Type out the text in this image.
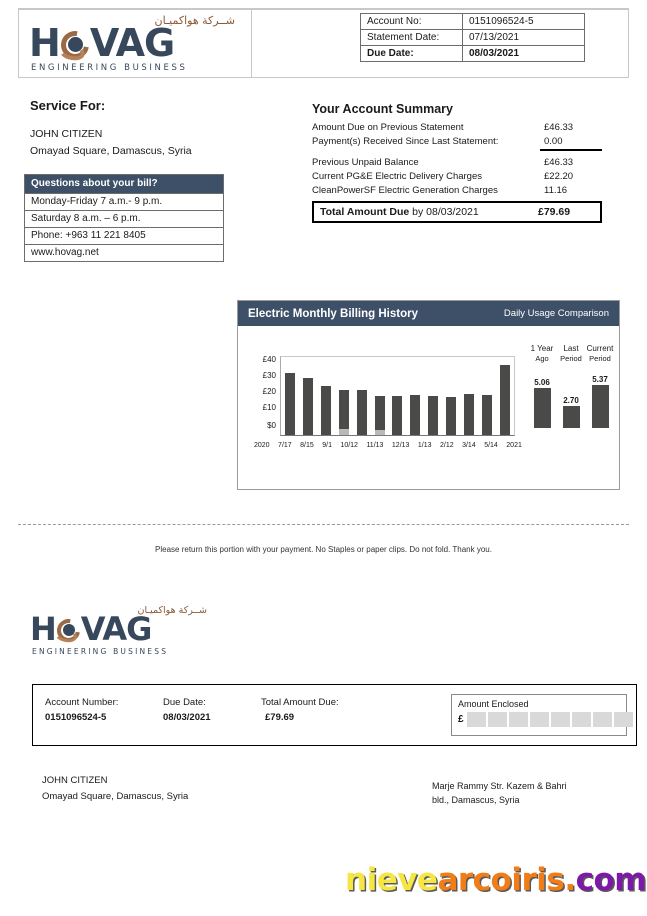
شــركة هواكميـان
H VAG
ENGINEERING BUSINESS
Account No:	0151096524-5
Statement Date:	07/13/2021
Due Date:	08/03/2021
Service For:
JOHN CITIZEN
Omayad Square, Damascus, Syria
Questions about your bill?
Monday-Friday 7 a.m.- 9 p.m.
Saturday 8 a.m. – 6 p.m.
Phone: +963 11 221 8405
www.hovag.net
Your Account Summary
Amount Due on Previous Statement	£46.33
Payment(s) Received Since Last Statement:	0.00
Previous Unpaid Balance	£46.33
Current PG&E Electric Delivery Charges	£22.20
CleanPowerSF Electric Generation Charges	11.16
Total Amount Due by 08/03/2021	£79.69
Electric Monthly Billing History	Daily Usage Comparison
£40
£30
£20
£10
$0
2020 7/17 8/15 9/1 10/12 11/13 12/13 1/13 2/12 3/14 5/14 2021
1 Year	Last	Current
Ago	Period Period
5.06
2.70
5.37
Please return this portion with your payment. No Staples or paper clips. Do not fold. Thank you.
شــركة هواكميـان
H VAG
ENGINEERING BUSINESS
Account Number:
0151096524-5
Due Date:
08/03/2021
Total Amount Due:
£79.69
Amount Enclosed
£
JOHN CITIZEN
Omayad Square, Damascus, Syria
Marje Rammy Str. Kazem & Bahri
bld., Damascus, Syria
nievearcoiris.com
